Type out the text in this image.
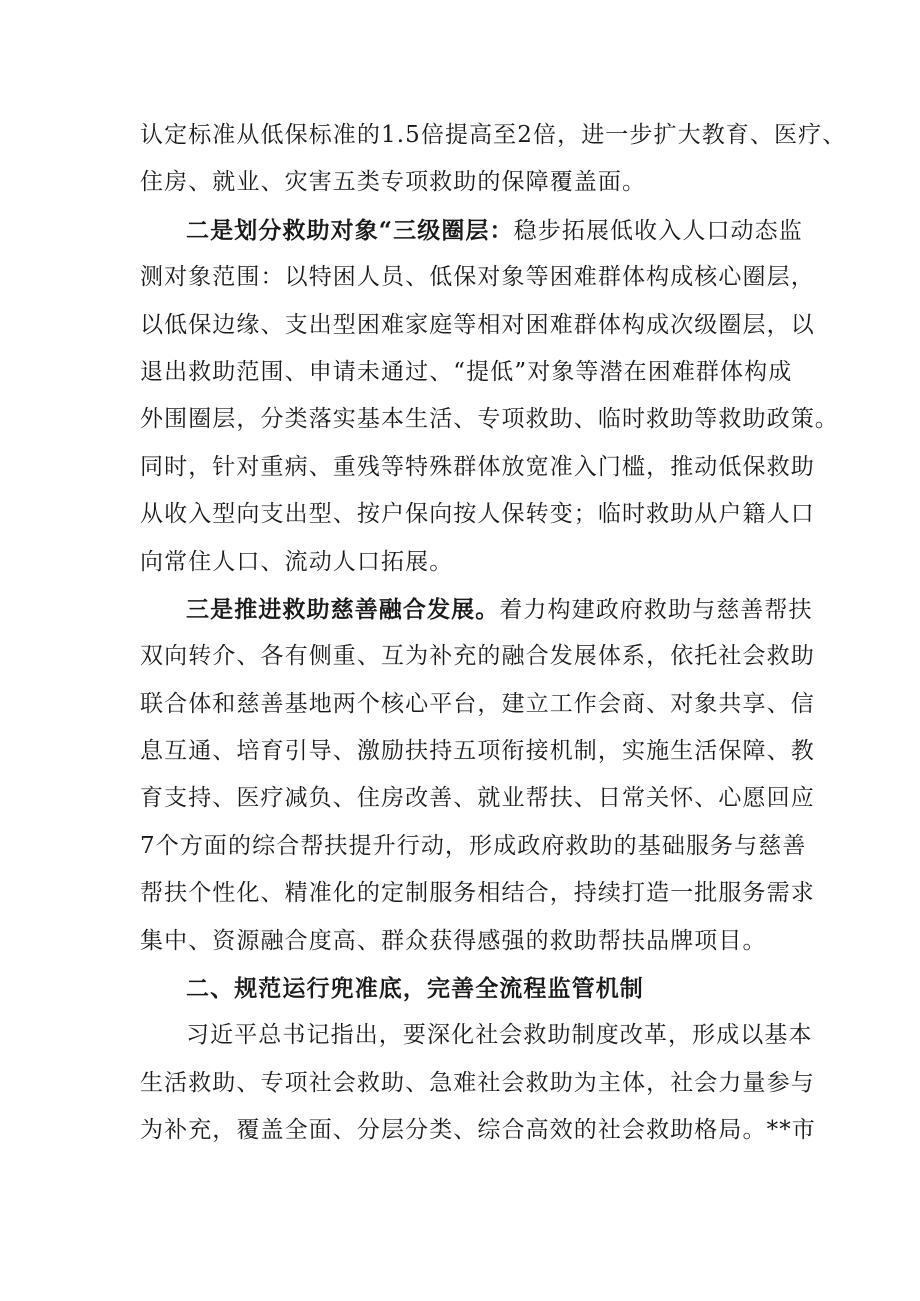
认定标准从低保标准的1.5倍提高至2倍，进一步扩大教育、医疗、
住房、就业、灾害五类专项救助的保障覆盖面。
二是划分救助对象“三级圈层：稳步拓展低收入人口动态监
测对象范围：以特困人员、低保对象等困难群体构成核心圈层，
以低保边缘、支出型困难家庭等相对困难群体构成次级圈层，以
退出救助范围、申请未通过、“提低”对象等潜在困难群体构成
外围圈层，分类落实基本生活、专项救助、临时救助等救助政策。
同时，针对重病、重残等特殊群体放宽准入门槛，推动低保救助
从收入型向支出型、按户保向按人保转变；临时救助从户籍人口
向常住人口、流动人口拓展。
三是推进救助慈善融合发展。着力构建政府救助与慈善帮扶
双向转介、各有侧重、互为补充的融合发展体系，依托社会救助
联合体和慈善基地两个核心平台，建立工作会商、对象共享、信
息互通、培育引导、激励扶持五项衔接机制，实施生活保障、教
育支持、医疗减负、住房改善、就业帮扶、日常关怀、心愿回应
7个方面的综合帮扶提升行动，形成政府救助的基础服务与慈善
帮扶个性化、精准化的定制服务相结合，持续打造一批服务需求
集中、资源融合度高、群众获得感强的救助帮扶品牌项目。
二、规范运行兜准底，完善全流程监管机制
习近平总书记指出，要深化社会救助制度改革，形成以基本
生活救助、专项社会救助、急难社会救助为主体，社会力量参与
为补充，覆盖全面、分层分类、综合高效的社会救助格局。**市
